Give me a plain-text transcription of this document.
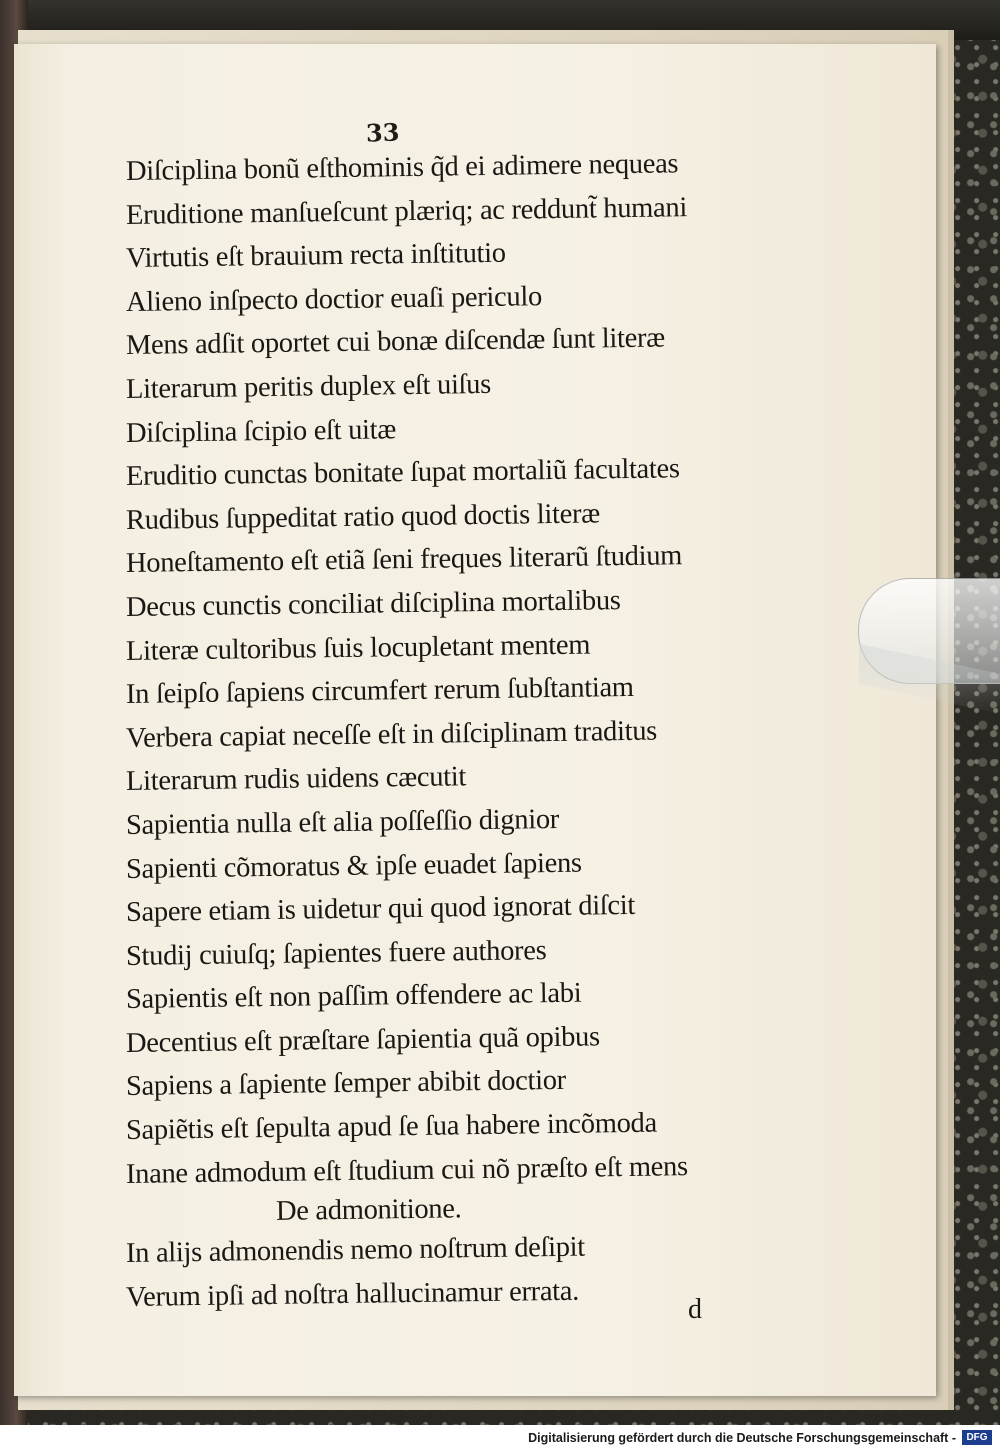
33
Diſciplina bonũ eſthominis q̃d ei adimere nequeas
Eruditione manſueſcunt plæriq; ac reddunt̃ humani
Virtutis eſt brauium recta inſtitutio
Alieno inſpecto doctior euaſi periculo
Mens adſit oportet cui bonæ diſcendæ ſunt literæ
Literarum peritis duplex eſt uiſus
Diſciplina ſcipio eſt uitæ
Eruditio cunctas bonitate ſupat mortaliũ facultates
Rudibus ſuppeditat ratio quod doctis literæ
Honeſtamento eſt etiã ſeni freques literarũ ſtudium
Decus cunctis conciliat diſciplina mortalibus
Literæ cultoribus ſuis locupletant mentem
In ſeipſo ſapiens circumfert rerum ſubſtantiam
Verbera capiat neceſſe eſt in diſciplinam traditus
Literarum rudis uidens cæcutit
Sapientia nulla eſt alia poſſeſſio dignior
Sapienti cõmoratus & ipſe euadet ſapiens
Sapere etiam is uidetur qui quod ignorat diſcit
Studij cuiuſq; ſapientes fuere authores
Sapientis eſt non paſſim offendere ac labi
Decentius eſt præſtare ſapientia quã opibus
Sapiens a ſapiente ſemper abibit doctior
Sapiẽtis eſt ſepulta apud ſe ſua habere incõmoda
Inane admodum eſt ſtudium cui nõ præſto eſt mens
De admonitione.
In alijs admonendis nemo noſtrum deſipit
Verum ipſi ad noſtra hallucinamur errata.	d
Digitalisierung gefördert durch die Deutsche Forschungsgemeinschaft -	DFG
